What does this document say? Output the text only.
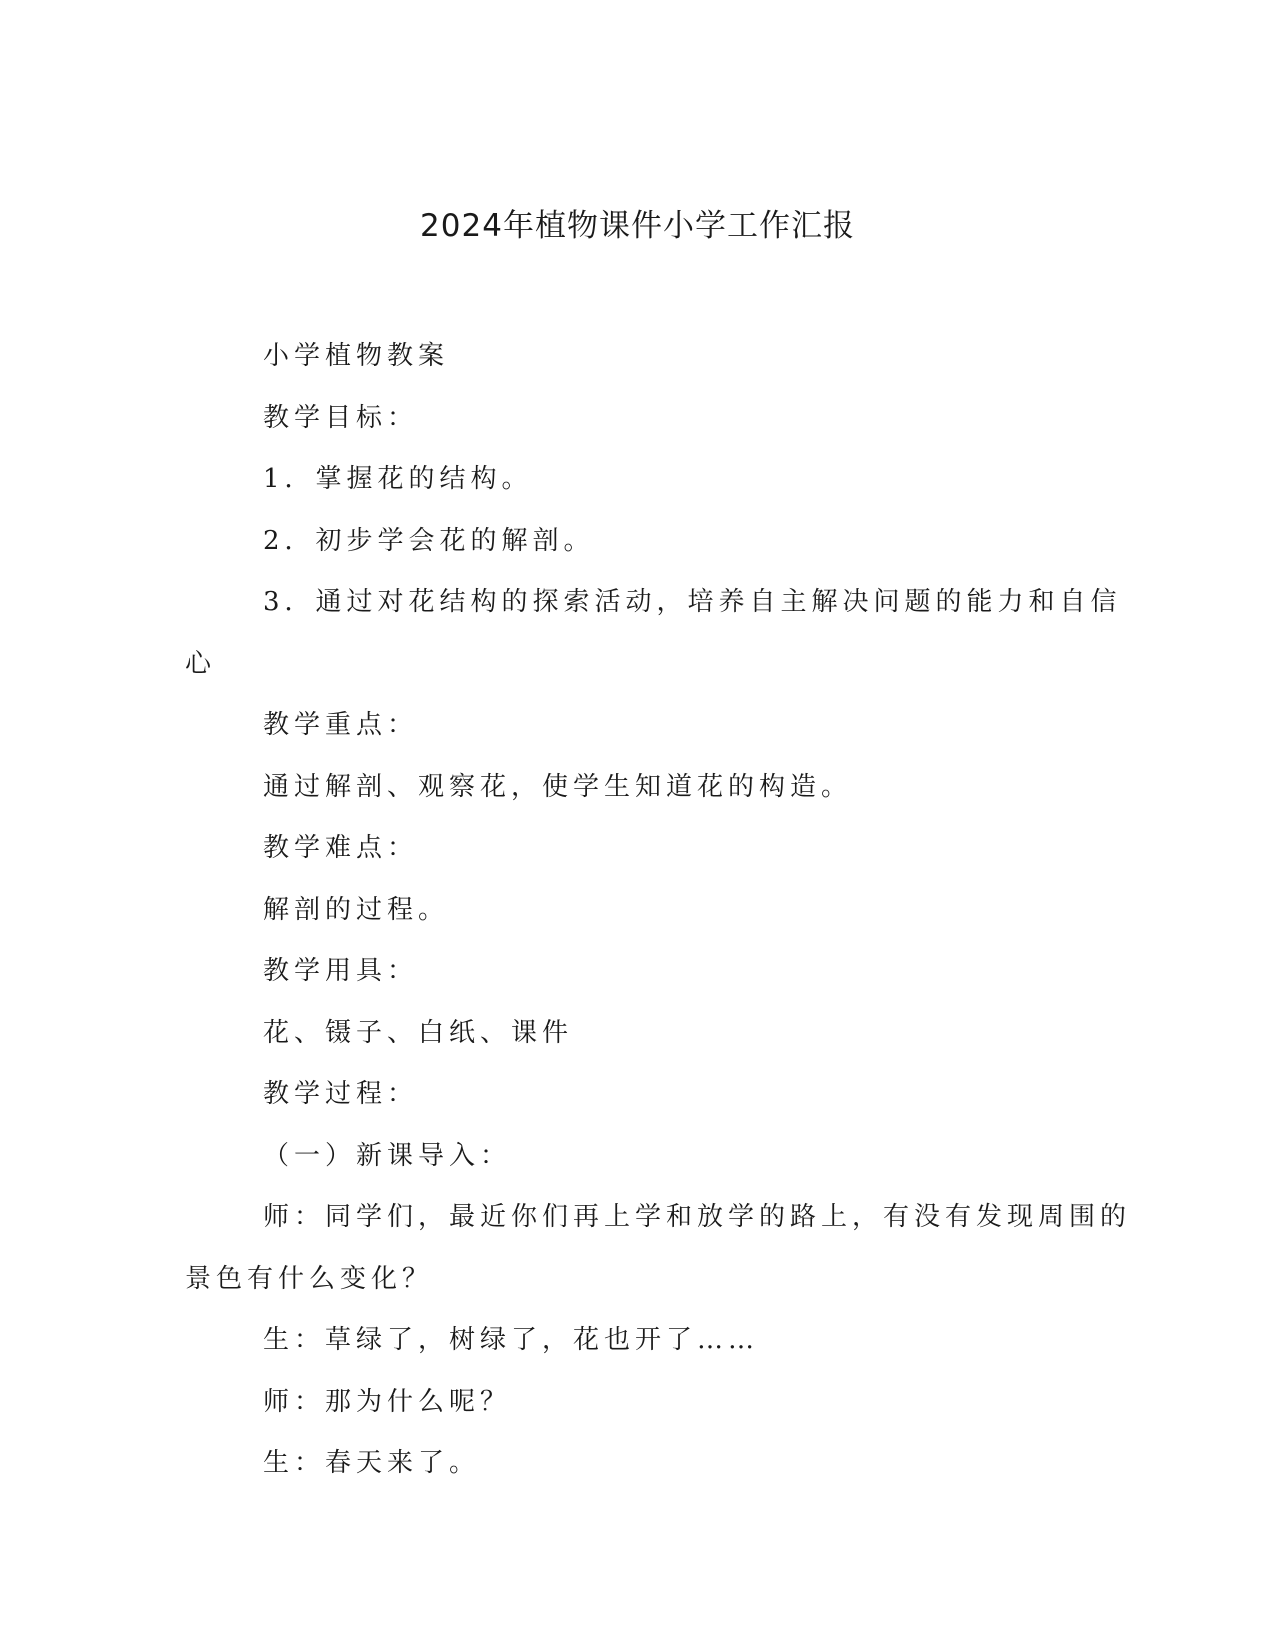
2024年植物课件小学工作汇报

小学植物教案

教学目标：

1．掌握花的结构。

2．初步学会花的解剖。

3．通过对花结构的探索活动，培养自主解决问题的能力和自信

心

教学重点：

通过解剖、观察花，使学生知道花的构造。

教学难点：

解剖的过程。

教学用具：

花、镊子、白纸、课件

教学过程：

（一）新课导入：

师：同学们，最近你们再上学和放学的路上，有没有发现周围的

景色有什么变化？

生：草绿了，树绿了，花也开了……

师：那为什么呢？

生：春天来了。
